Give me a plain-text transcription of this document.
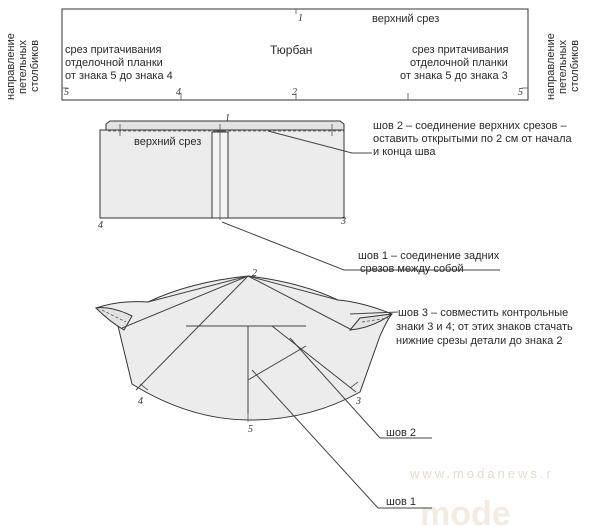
mode
www.modanews.r
1	верхний срез
Тюрбан
срез притачивания
отделочной планки
от знака 5 до знака 4
срез притачивания
отделочной планки
от знака 5 до знака 3
5	4	2	5
направление петельных столбиков	направление петельных столбиков
1
верхний срез
4	3
шов 2 – соединение верхних срезов –
оставить открытыми по 2 см от начала
и конца шва
шов 1 – соединение задних
срезов между собой
2
4	3
5
шов 3 – совместить контрольные
знаки 3 и 4; от этих знаков стачать
нижние срезы детали до знака 2
шов 2
шов 1
